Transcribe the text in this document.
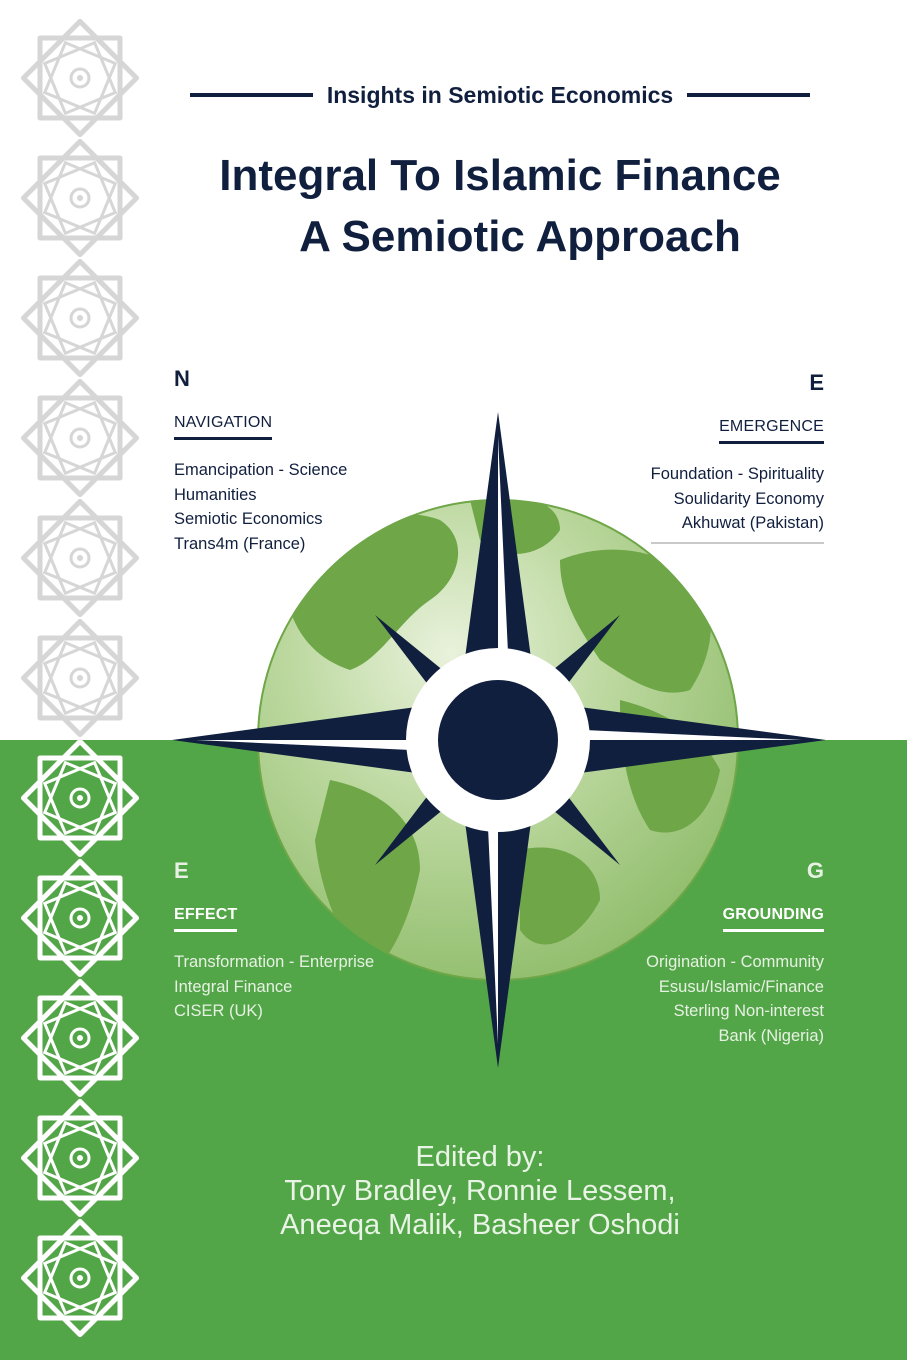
Insights in Semiotic Economics
Integral To Islamic Finance
A Semiotic Approach
N
NAVIGATION
Emancipation - Science
Humanities
Semiotic Economics
Trans4m (France)
E
EMERGENCE
Foundation - Spirituality
Soulidarity Economy
Akhuwat (Pakistan)
E
EFFECT
Transformation - Enterprise
Integral Finance
CISER (UK)
G
GROUNDING
Origination - Community
Esusu/Islamic/Finance
Sterling Non-interest
Bank (Nigeria)
Edited by:
Tony Bradley, Ronnie Lessem,
Aneeqa Malik, Basheer Oshodi
